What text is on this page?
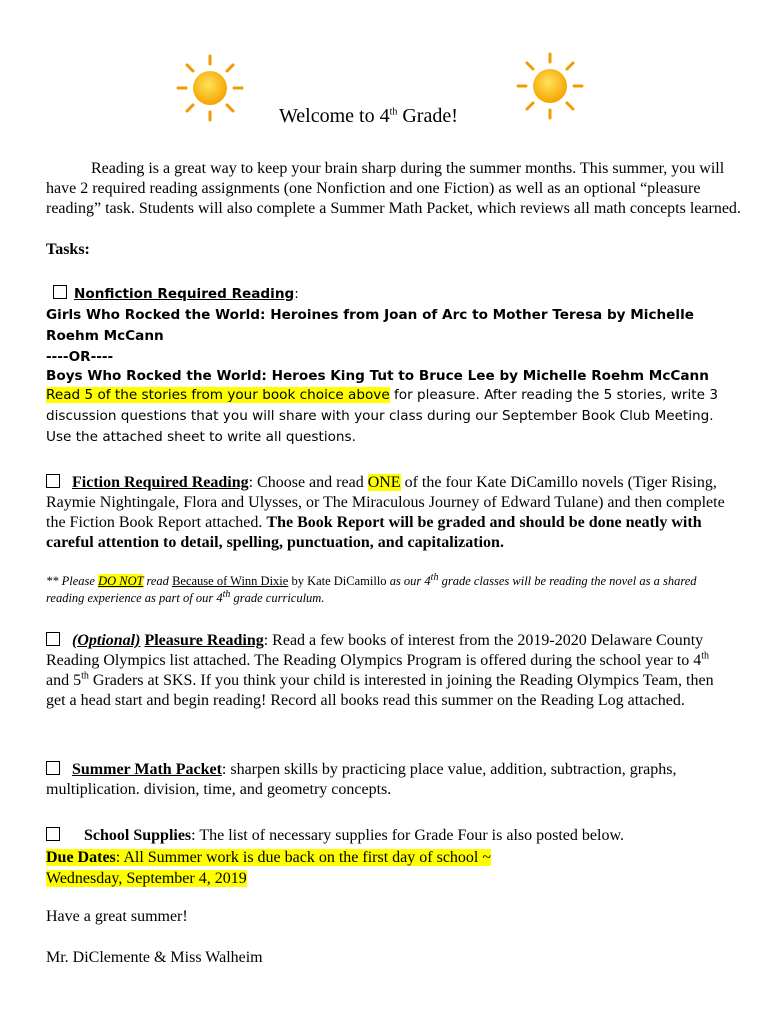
Welcome to 4th Grade!
Reading is a great way to keep your brain sharp during the summer months. This summer, you will have 2 required reading assignments (one Nonfiction and one Fiction) as well as an optional “pleasure reading” task. Students will also complete a Summer Math Packet, which reviews all math concepts learned.
Tasks:
Nonfiction Required Reading:
Girls Who Rocked the World: Heroines from Joan of Arc to Mother Teresa by Michelle Roehm McCann
----OR----
Boys Who Rocked the World: Heroes King Tut to Bruce Lee by Michelle Roehm McCann
Read 5 of the stories from your book choice above for pleasure. After reading the 5 stories, write 3 discussion questions that you will share with your class during our September Book Club Meeting. Use the attached sheet to write all questions.
Fiction Required Reading: Choose and read ONE of the four Kate DiCamillo novels (Tiger Rising, Raymie Nightingale, Flora and Ulysses, or The Miraculous Journey of Edward Tulane) and then complete the Fiction Book Report attached. The Book Report will be graded and should be done neatly with careful attention to detail, spelling, punctuation, and capitalization.
** Please DO NOT read Because of Winn Dixie by Kate DiCamillo as our 4th grade classes will be reading the novel as a shared reading experience as part of our 4th grade curriculum.
(Optional) Pleasure Reading: Read a few books of interest from the 2019-2020 Delaware County Reading Olympics list attached. The Reading Olympics Program is offered during the school year to 4th and 5th Graders at SKS. If you think your child is interested in joining the Reading Olympics Team, then get a head start and begin reading! Record all books read this summer on the Reading Log attached.
Summer Math Packet: sharpen skills by practicing place value, addition, subtraction, graphs, multiplication. division, time, and geometry concepts.
School Supplies: The list of necessary supplies for Grade Four is also posted below.
Due Dates: All Summer work is due back on the first day of school ~
Wednesday, September 4, 2019
Have a great summer!
Mr. DiClemente & Miss Walheim
